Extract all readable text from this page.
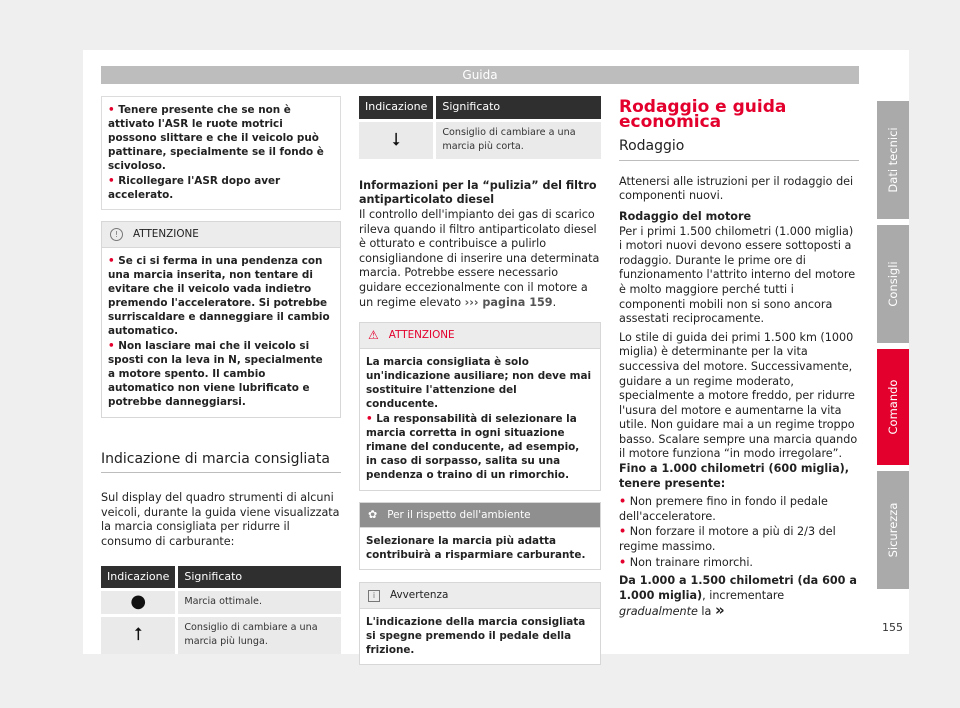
Guida

• Tenere presente che se non è attivato l'ASR le ruote motrici possono slittare e che il veicolo può pattinare, specialmente se il fondo è scivoloso.

• Ricollegare l'ASR dopo aver accelerato.

!	ATTENZIONE

• Se ci si ferma in una pendenza con una marcia inserita, non tentare di evitare che il veicolo vada indietro premendo l'acceleratore. Si potrebbe surriscaldare e danneggiare il cambio automatico.

• Non lasciare mai che il veicolo si sposti con la leva in N, specialmente a motore spento. Il cambio automatico non viene lubrificato e potrebbe danneggiarsi.

Indicazione di marcia consigliata

Sul display del quadro strumenti di alcuni veicoli, durante la guida viene visualizzata la marcia consigliata per ridurre il consumo di carburante:

Indicazione	Significato
●	Marcia ottimale.
⭡	Consiglio di cambiare a una marcia più lunga.
Indicazione	Significato
⭣	Consiglio di cambiare a una marcia più corta.

Informazioni per la “pulizia” del filtro antiparticolato diesel

Il controllo dell'impianto dei gas di scarico rileva quando il filtro antiparticolato diesel è otturato e contribuisce a pulirlo consigliandone di inserire una determinata marcia. Potrebbe essere necessario guidare eccezionalmente con il motore a un regime elevato ››› pagina 159.

⚠ ATTENZIONE

La marcia consigliata è solo un'indicazione ausiliare; non deve mai sostituire l'attenzione del conducente.

• La responsabilità di selezionare la marcia corretta in ogni situazione rimane del conducente, ad esempio, in caso di sorpasso, salita su una pendenza o traino di un rimorchio.

✿ Per il rispetto dell'ambiente
Selezionare la marcia più adatta contribuirà a risparmiare carburante.
i	Avvertenza
L'indicazione della marcia consigliata si spegne premendo il pedale della frizione.
Rodaggio e guida economica
Rodaggio

Attenersi alle istruzioni per il rodaggio dei componenti nuovi.

Rodaggio del motore

Per i primi 1.500 chilometri (1.000 miglia) i motori nuovi devono essere sottoposti a rodaggio. Durante le prime ore di funzionamento l'attrito interno del motore è molto maggiore perché tutti i componenti mobili non si sono ancora assestati reciprocamente.

Lo stile di guida dei primi 1.500 km (1000 miglia) è determinante per la vita successiva del motore. Successivamente, guidare a un regime moderato, specialmente a motore freddo, per ridurre l'usura del motore e aumentarne la vita utile. Non guidare mai a un regime troppo basso. Scalare sempre una marcia quando il motore funziona “in modo irregolare”. Fino a 1.000 chilometri (600 miglia), tenere presente:

• Non premere fino in fondo il pedale dell'acceleratore.

• Non forzare il motore a più di 2/3 del regime massimo.

• Non trainare rimorchi.

Da 1.000 a 1.500 chilometri (da 600 a 1.000 miglia), incrementare gradualmente la »

Dati tecnici
Consigli
Comando
Sicurezza
155
